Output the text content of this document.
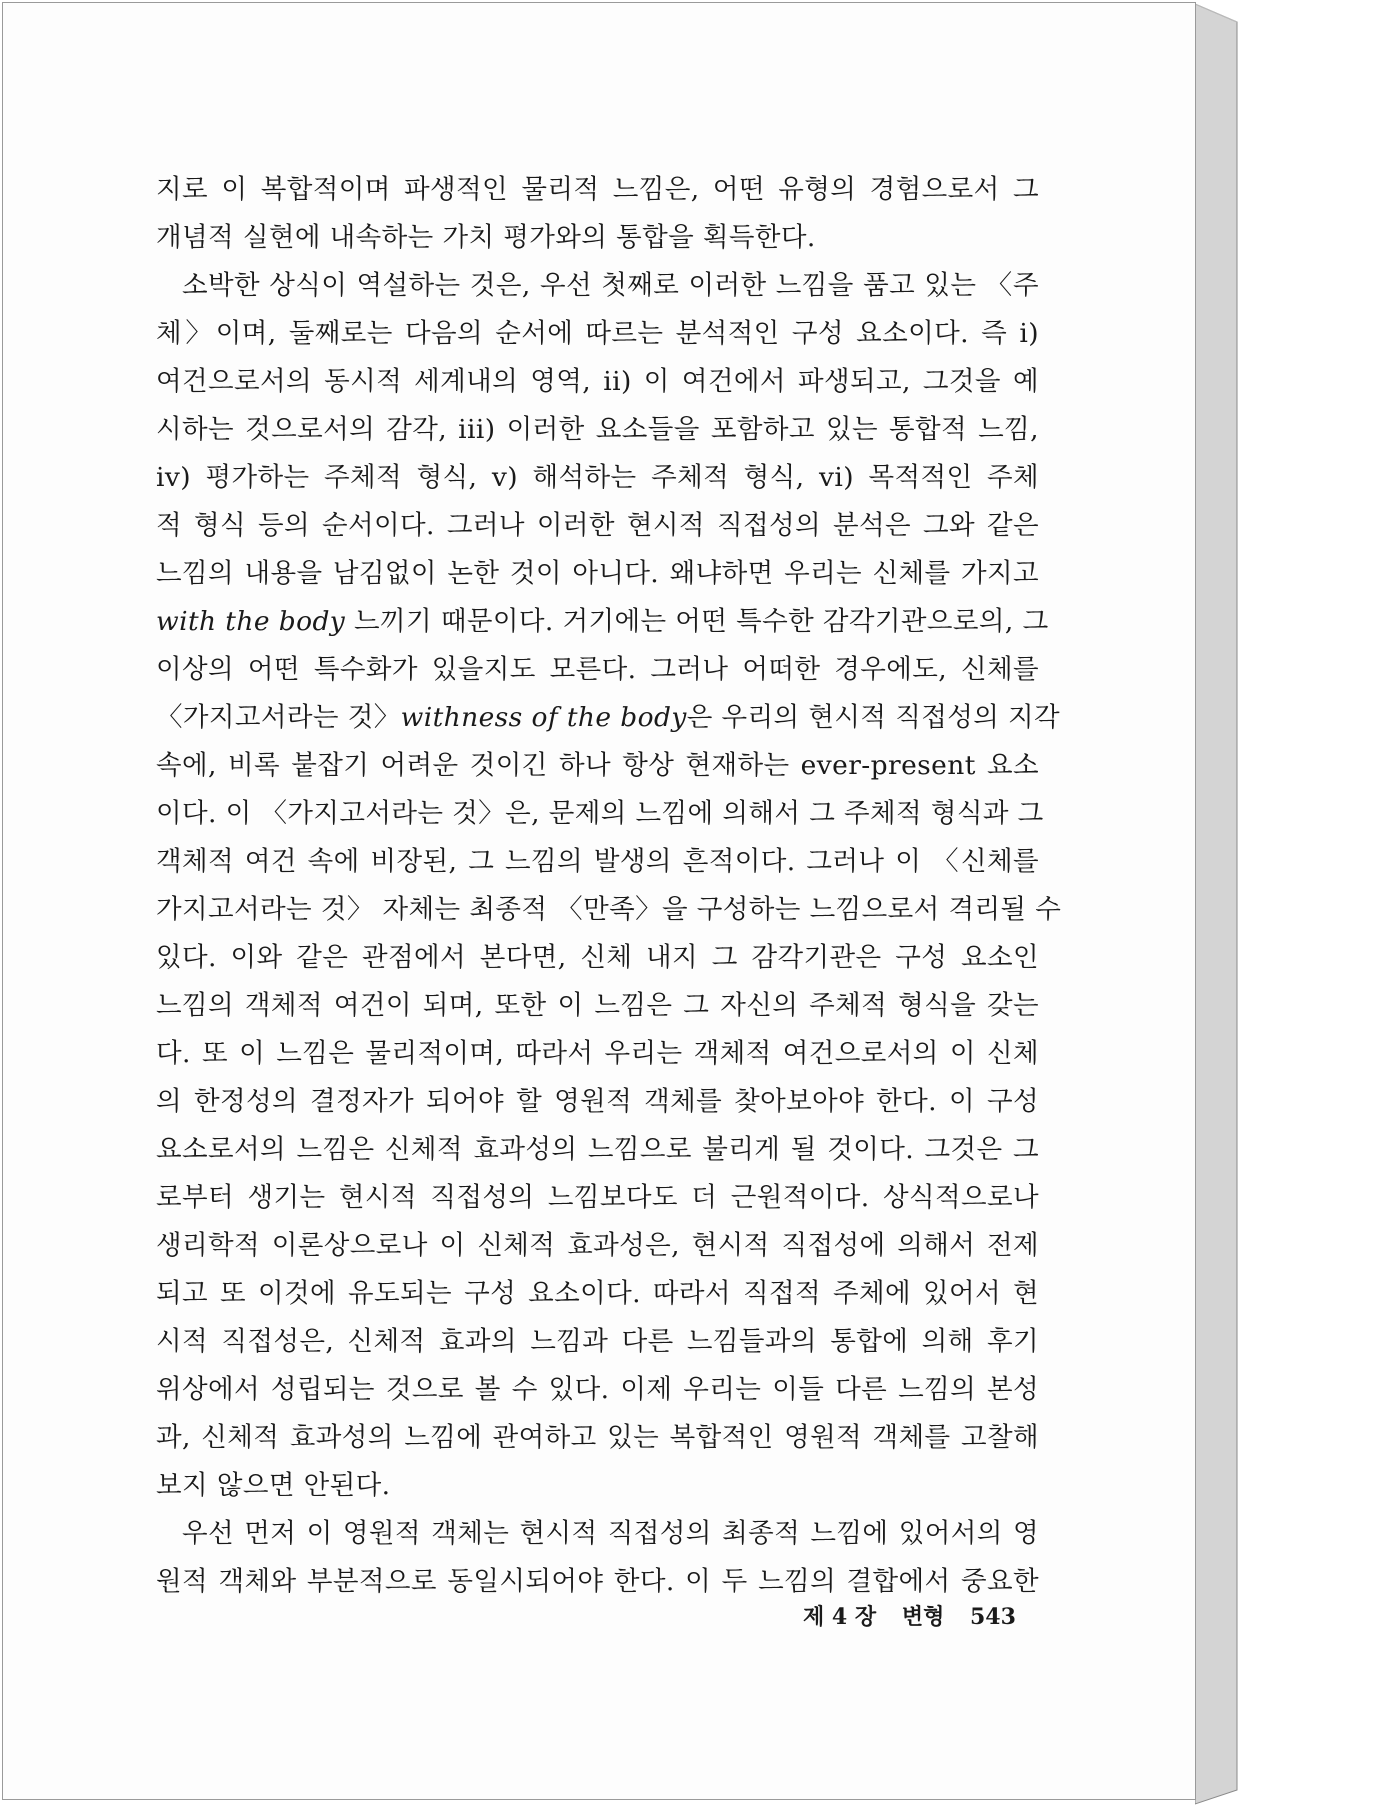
지로 이 복합적이며 파생적인 물리적 느낌은, 어떤 유형의 경험으로서 그
개념적 실현에 내속하는 가치 평가와의 통합을 획득한다.
소박한 상식이 역설하는 것은, 우선 첫째로 이러한 느낌을 품고 있는 〈주
체〉이며, 둘째로는 다음의 순서에 따르는 분석적인 구성 요소이다. 즉 i)
여건으로서의 동시적 세계내의 영역, ii) 이 여건에서 파생되고, 그것을 예
시하는 것으로서의 감각, iii) 이러한 요소들을 포함하고 있는 통합적 느낌,
iv) 평가하는 주체적 형식, v) 해석하는 주체적 형식, vi) 목적적인 주체
적 형식 등의 순서이다. 그러나 이러한 현시적 직접성의 분석은 그와 같은
느낌의 내용을 남김없이 논한 것이 아니다. 왜냐하면 우리는 신체를 가지고
with the body 느끼기 때문이다. 거기에는 어떤 특수한 감각기관으로의, 그
이상의 어떤 특수화가 있을지도 모른다. 그러나 어떠한 경우에도, 신체를
〈가지고서라는 것〉withness of the body은 우리의 현시적 직접성의 지각
속에, 비록 붙잡기 어려운 것이긴 하나 항상 현재하는 ever-present 요소
이다. 이 〈가지고서라는 것〉은, 문제의 느낌에 의해서 그 주체적 형식과 그
객체적 여건 속에 비장된, 그 느낌의 발생의 흔적이다. 그러나 이 〈신체를
가지고서라는 것〉 자체는 최종적 〈만족〉을 구성하는 느낌으로서 격리될 수
있다. 이와 같은 관점에서 본다면, 신체 내지 그 감각기관은 구성 요소인
느낌의 객체적 여건이 되며, 또한 이 느낌은 그 자신의 주체적 형식을 갖는
다. 또 이 느낌은 물리적이며, 따라서 우리는 객체적 여건으로서의 이 신체
의 한정성의 결정자가 되어야 할 영원적 객체를 찾아보아야 한다. 이 구성
요소로서의 느낌은 신체적 효과성의 느낌으로 불리게 될 것이다. 그것은 그
로부터 생기는 현시적 직접성의 느낌보다도 더 근원적이다. 상식적으로나
생리학적 이론상으로나 이 신체적 효과성은, 현시적 직접성에 의해서 전제
되고 또 이것에 유도되는 구성 요소이다. 따라서 직접적 주체에 있어서 현
시적 직접성은, 신체적 효과의 느낌과 다른 느낌들과의 통합에 의해 후기
위상에서 성립되는 것으로 볼 수 있다. 이제 우리는 이들 다른 느낌의 본성
과, 신체적 효과성의 느낌에 관여하고 있는 복합적인 영원적 객체를 고찰해
보지 않으면 안된다.
우선 먼저 이 영원적 객체는 현시적 직접성의 최종적 느낌에 있어서의 영
원적 객체와 부분적으로 동일시되어야 한다. 이 두 느낌의 결합에서 중요한
제 4 장 변형 543
